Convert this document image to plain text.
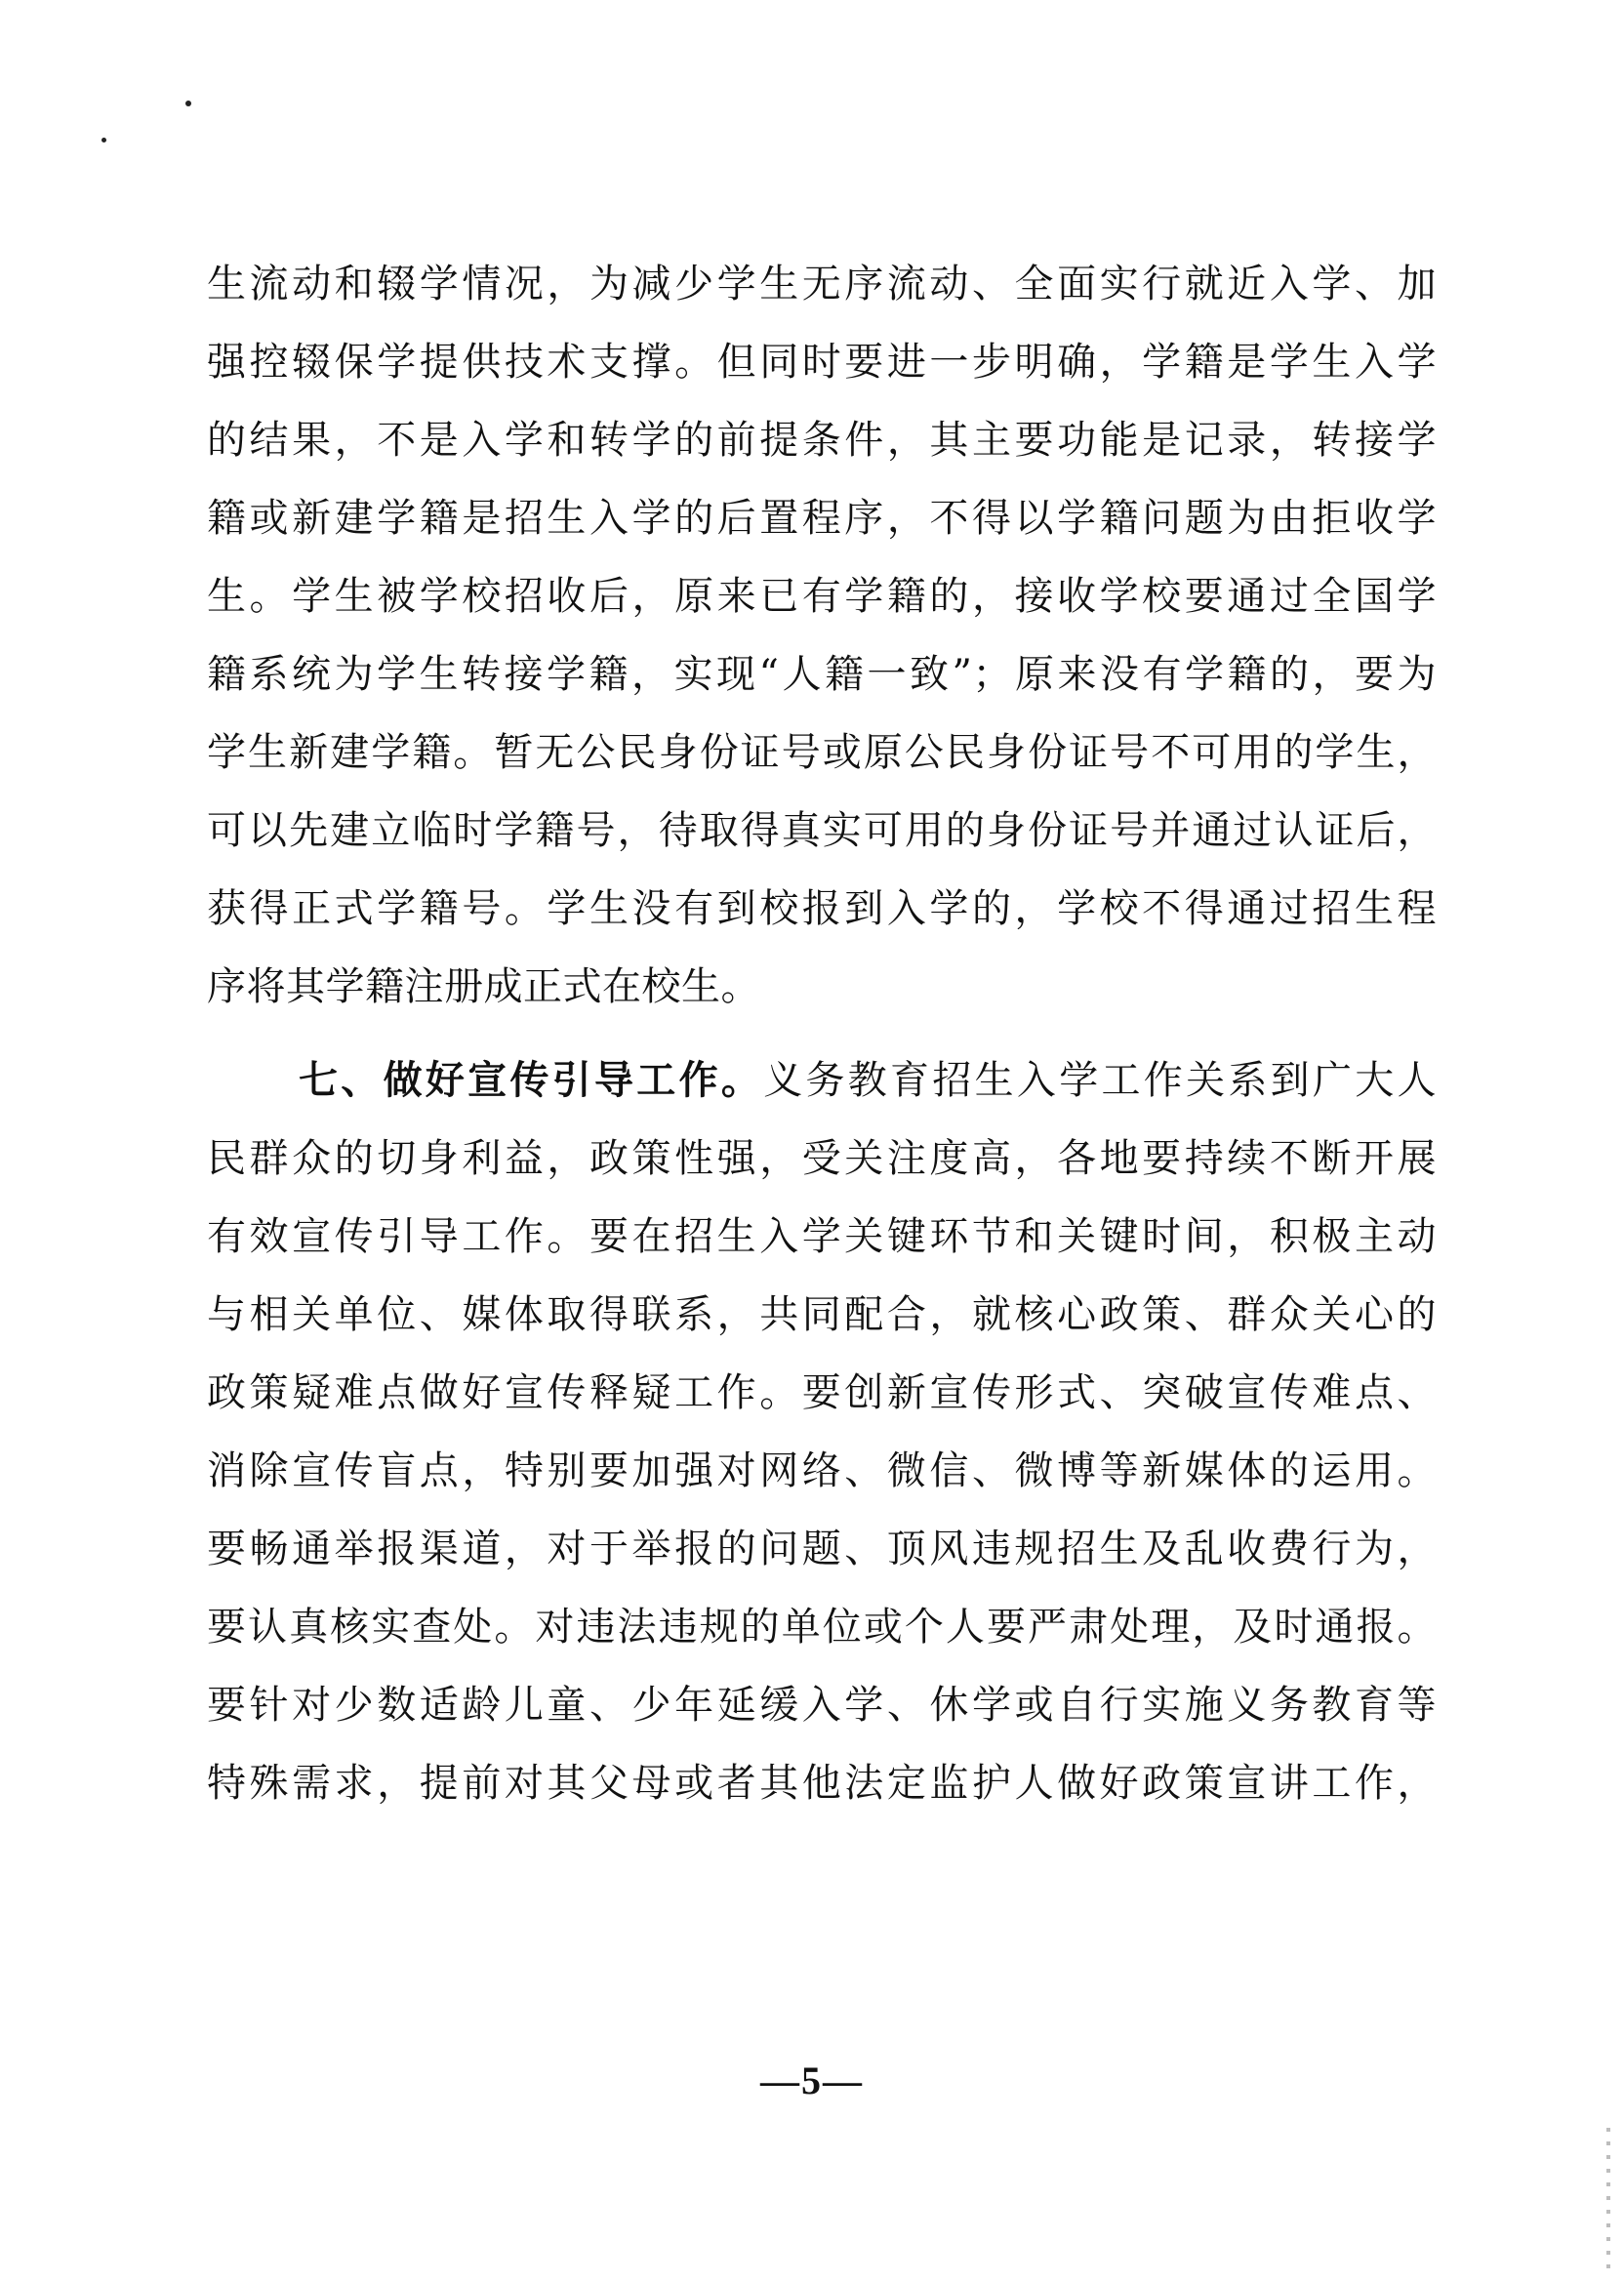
生流动和辍学情况，为减少学生无序流动、全面实行就近入学、加
强控辍保学提供技术支撑。但同时要进一步明确，学籍是学生入学
的结果，不是入学和转学的前提条件，其主要功能是记录，转接学
籍或新建学籍是招生入学的后置程序，不得以学籍问题为由拒收学
生。学生被学校招收后，原来已有学籍的，接收学校要通过全国学
籍系统为学生转接学籍，实现“人籍一致”；原来没有学籍的，要为
学生新建学籍。暂无公民身份证号或原公民身份证号不可用的学生，
可以先建立临时学籍号，待取得真实可用的身份证号并通过认证后，
获得正式学籍号。学生没有到校报到入学的，学校不得通过招生程
序将其学籍注册成正式在校生。
七、做好宣传引导工作。义务教育招生入学工作关系到广大人
民群众的切身利益，政策性强，受关注度高，各地要持续不断开展
有效宣传引导工作。要在招生入学关键环节和关键时间，积极主动
与相关单位、媒体取得联系，共同配合，就核心政策、群众关心的
政策疑难点做好宣传释疑工作。要创新宣传形式、突破宣传难点、
消除宣传盲点，特别要加强对网络、微信、微博等新媒体的运用。
要畅通举报渠道，对于举报的问题、顶风违规招生及乱收费行为，
要认真核实查处。对违法违规的单位或个人要严肃处理，及时通报。
要针对少数适龄儿童、少年延缓入学、休学或自行实施义务教育等
特殊需求，提前对其父母或者其他法定监护人做好政策宣讲工作，
—5—
